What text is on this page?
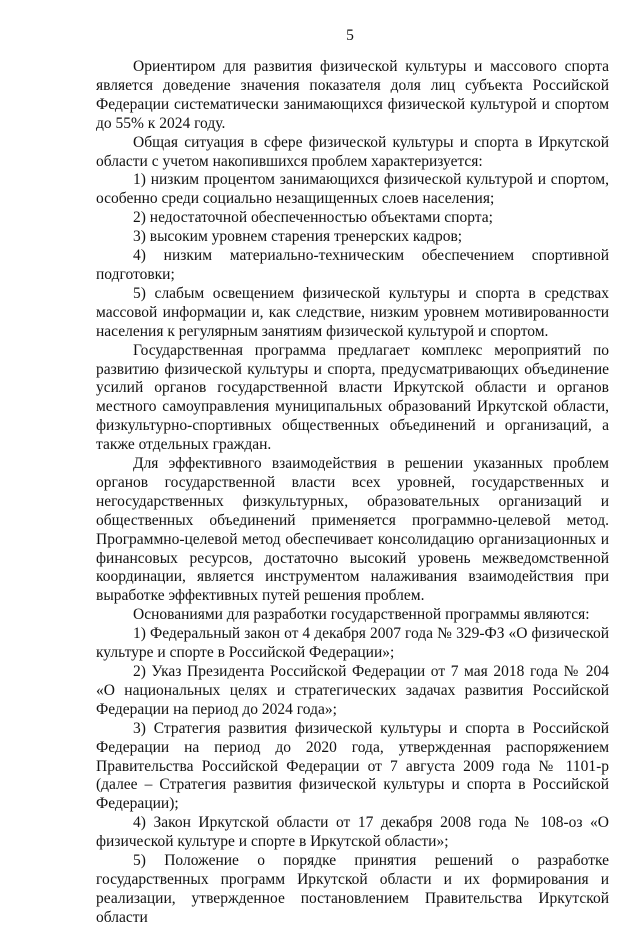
5

Ориентиром для развития физической культуры и массового спорта является доведение значения показателя доля лиц субъекта Российской Федерации систематически занимающихся физической культурой и спортом до 55% к 2024 году.

Общая ситуация в сфере физической культуры и спорта в Иркутской области с учетом накопившихся проблем характеризуется:

1) низким процентом занимающихся физической культурой и спортом, особенно среди социально незащищенных слоев населения;

2) недостаточной обеспеченностью объектами спорта;

3) высоким уровнем старения тренерских кадров;

4) низким материально-техническим обеспечением спортивной подготовки;

5) слабым освещением физической культуры и спорта в средствах массовой информации и, как следствие, низким уровнем мотивированности населения к регулярным занятиям физической культурой и спортом.

Государственная программа предлагает комплекс мероприятий по развитию физической культуры и спорта, предусматривающих объединение усилий органов государственной власти Иркутской области и органов местного самоуправления муниципальных образований Иркутской области, физкультурно-спортивных общественных объединений и организаций, а также отдельных граждан.

Для эффективного взаимодействия в решении указанных проблем органов государственной власти всех уровней, государственных и негосударственных физкультурных, образовательных организаций и общественных объединений применяется программно-целевой метод. Программно-целевой метод обеспечивает консолидацию организационных и финансовых ресурсов, достаточно высокий уровень межведомственной координации, является инструментом налаживания взаимодействия при выработке эффективных путей решения проблем.

Основаниями для разработки государственной программы являются:

1) Федеральный закон от 4 декабря 2007 года № 329-ФЗ «О физической культуре и спорте в Российской Федерации»;

2) Указ Президента Российской Федерации от 7 мая 2018 года № 204 «О национальных целях и стратегических задачах развития Российской Федерации на период до 2024 года»;

3) Стратегия развития физической культуры и спорта в Российской Федерации на период до 2020 года, утвержденная распоряжением Правительства Российской Федерации от 7 августа 2009 года № 1101-р (далее – Стратегия развития физической культуры и спорта в Российской Федерации);

4) Закон Иркутской области от 17 декабря 2008 года № 108-оз «О физической культуре и спорте в Иркутской области»;

5) Положение о порядке принятия решений о разработке государственных программ Иркутской области и их формирования и реализации, утвержденное постановлением Правительства Иркутской области
